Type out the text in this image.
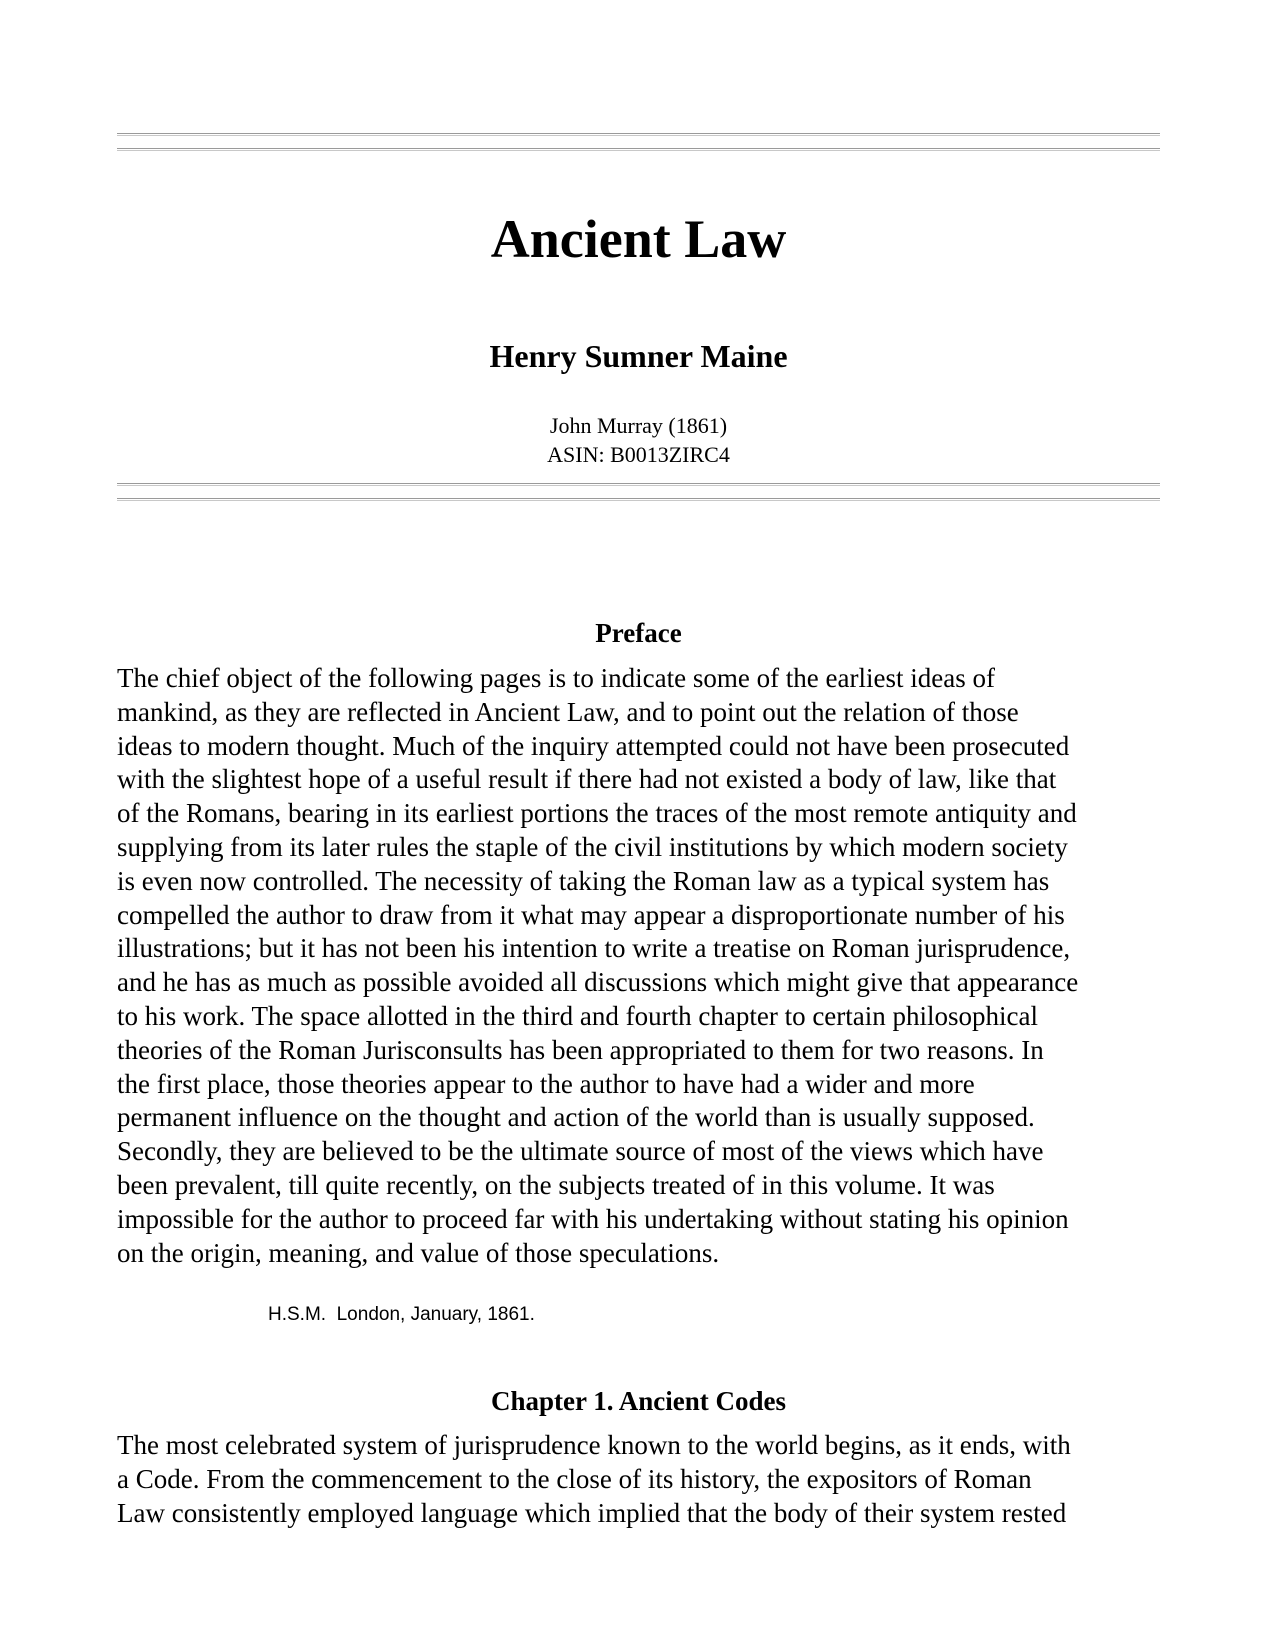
Ancient Law
Henry Sumner Maine
John Murray (1861)
ASIN: B0013ZIRC4
Preface

The chief object of the following pages is to indicate some of the earliest ideas of
mankind, as they are reflected in Ancient Law, and to point out the relation of those
ideas to modern thought. Much of the inquiry attempted could not have been prosecuted
with the slightest hope of a useful result if there had not existed a body of law, like that
of the Romans, bearing in its earliest portions the traces of the most remote antiquity and
supplying from its later rules the staple of the civil institutions by which modern society
is even now controlled. The necessity of taking the Roman law as a typical system has
compelled the author to draw from it what may appear a disproportionate number of his
illustrations; but it has not been his intention to write a treatise on Roman jurisprudence,
and he has as much as possible avoided all discussions which might give that appearance
to his work. The space allotted in the third and fourth chapter to certain philosophical
theories of the Roman Jurisconsults has been appropriated to them for two reasons. In
the first place, those theories appear to the author to have had a wider and more
permanent influence on the thought and action of the world than is usually supposed.
Secondly, they are believed to be the ultimate source of most of the views which have
been prevalent, till quite recently, on the subjects treated of in this volume. It was
impossible for the author to proceed far with his undertaking without stating his opinion
on the origin, meaning, and value of those speculations.

H.S.M.  London, January, 1861.
Chapter 1. Ancient Codes

The most celebrated system of jurisprudence known to the world begins, as it ends, with
a Code. From the commencement to the close of its history, the expositors of Roman
Law consistently employed language which implied that the body of their system rested
